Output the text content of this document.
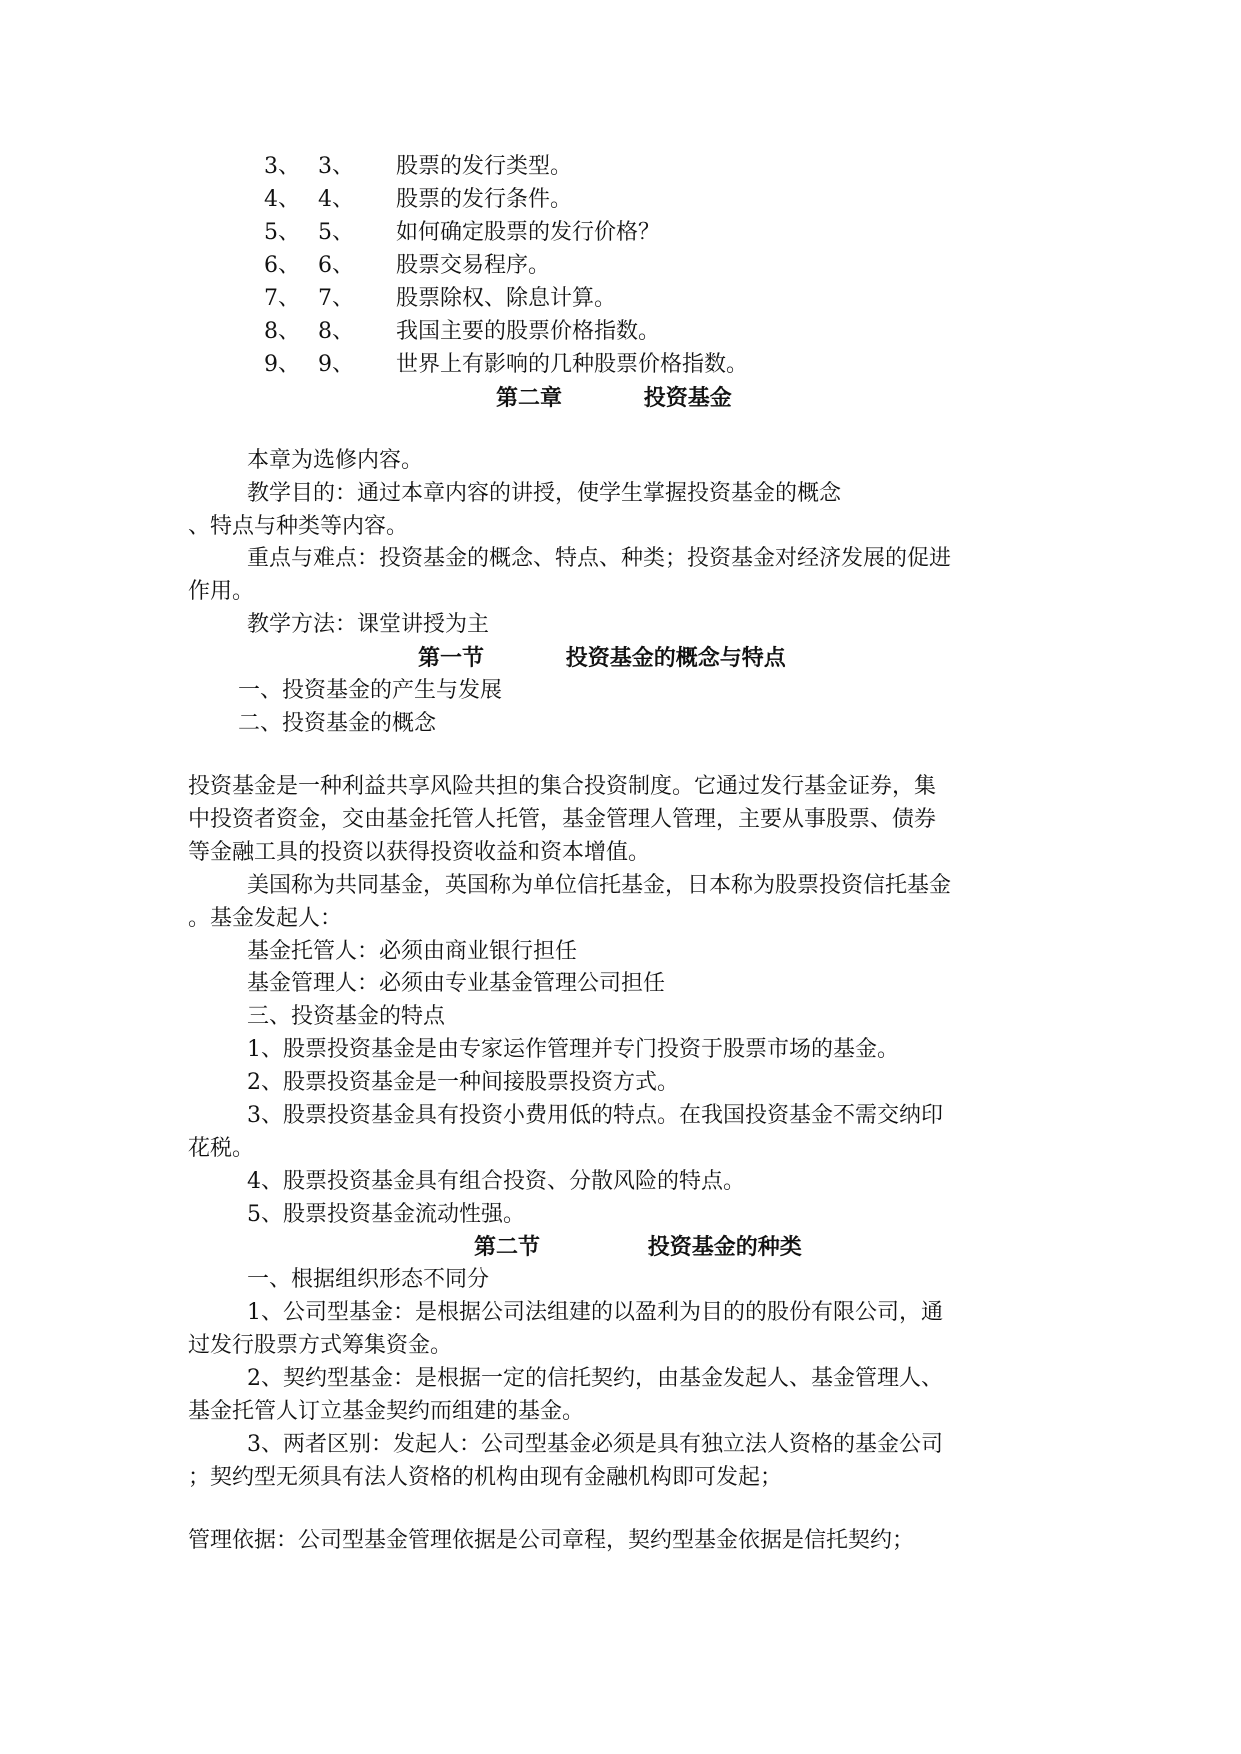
3、 3、 股票的发行类型。
4、 4、 股票的发行条件。
5、 5、 如何确定股票的发行价格？
6、 6、 股票交易程序。
7、 7、 股票除权、除息计算。
8、 8、 我国主要的股票价格指数。
9、 9、 世界上有影响的几种股票价格指数。
第二章	投资基金
本章为选修内容。
教学目的：通过本章内容的讲授，使学生掌握投资基金的概念
、特点与种类等内容。
重点与难点：投资基金的概念、特点、种类；投资基金对经济发展的促进
作用。
教学方法：课堂讲授为主
第一节	投资基金的概念与特点
一、投资基金的产生与发展
二、投资基金的概念
投资基金是一种利益共享风险共担的集合投资制度。它通过发行基金证券，集
中投资者资金，交由基金托管人托管，基金管理人管理，主要从事股票、债券
等金融工具的投资以获得投资收益和资本增值。
美国称为共同基金，英国称为单位信托基金，日本称为股票投资信托基金
。基金发起人：
基金托管人：必须由商业银行担任
基金管理人：必须由专业基金管理公司担任
三、投资基金的特点
1、股票投资基金是由专家运作管理并专门投资于股票市场的基金。
2、股票投资基金是一种间接股票投资方式。
3、股票投资基金具有投资小费用低的特点。在我国投资基金不需交纳印
花税。
4、股票投资基金具有组合投资、分散风险的特点。
5、股票投资基金流动性强。
第二节	投资基金的种类
一、根据组织形态不同分
1、公司型基金：是根据公司法组建的以盈利为目的的股份有限公司，通
过发行股票方式筹集资金。
2、契约型基金：是根据一定的信托契约，由基金发起人、基金管理人、
基金托管人订立基金契约而组建的基金。
3、两者区别：发起人：公司型基金必须是具有独立法人资格的基金公司
；契约型无须具有法人资格的机构由现有金融机构即可发起；
管理依据：公司型基金管理依据是公司章程，契约型基金依据是信托契约；
